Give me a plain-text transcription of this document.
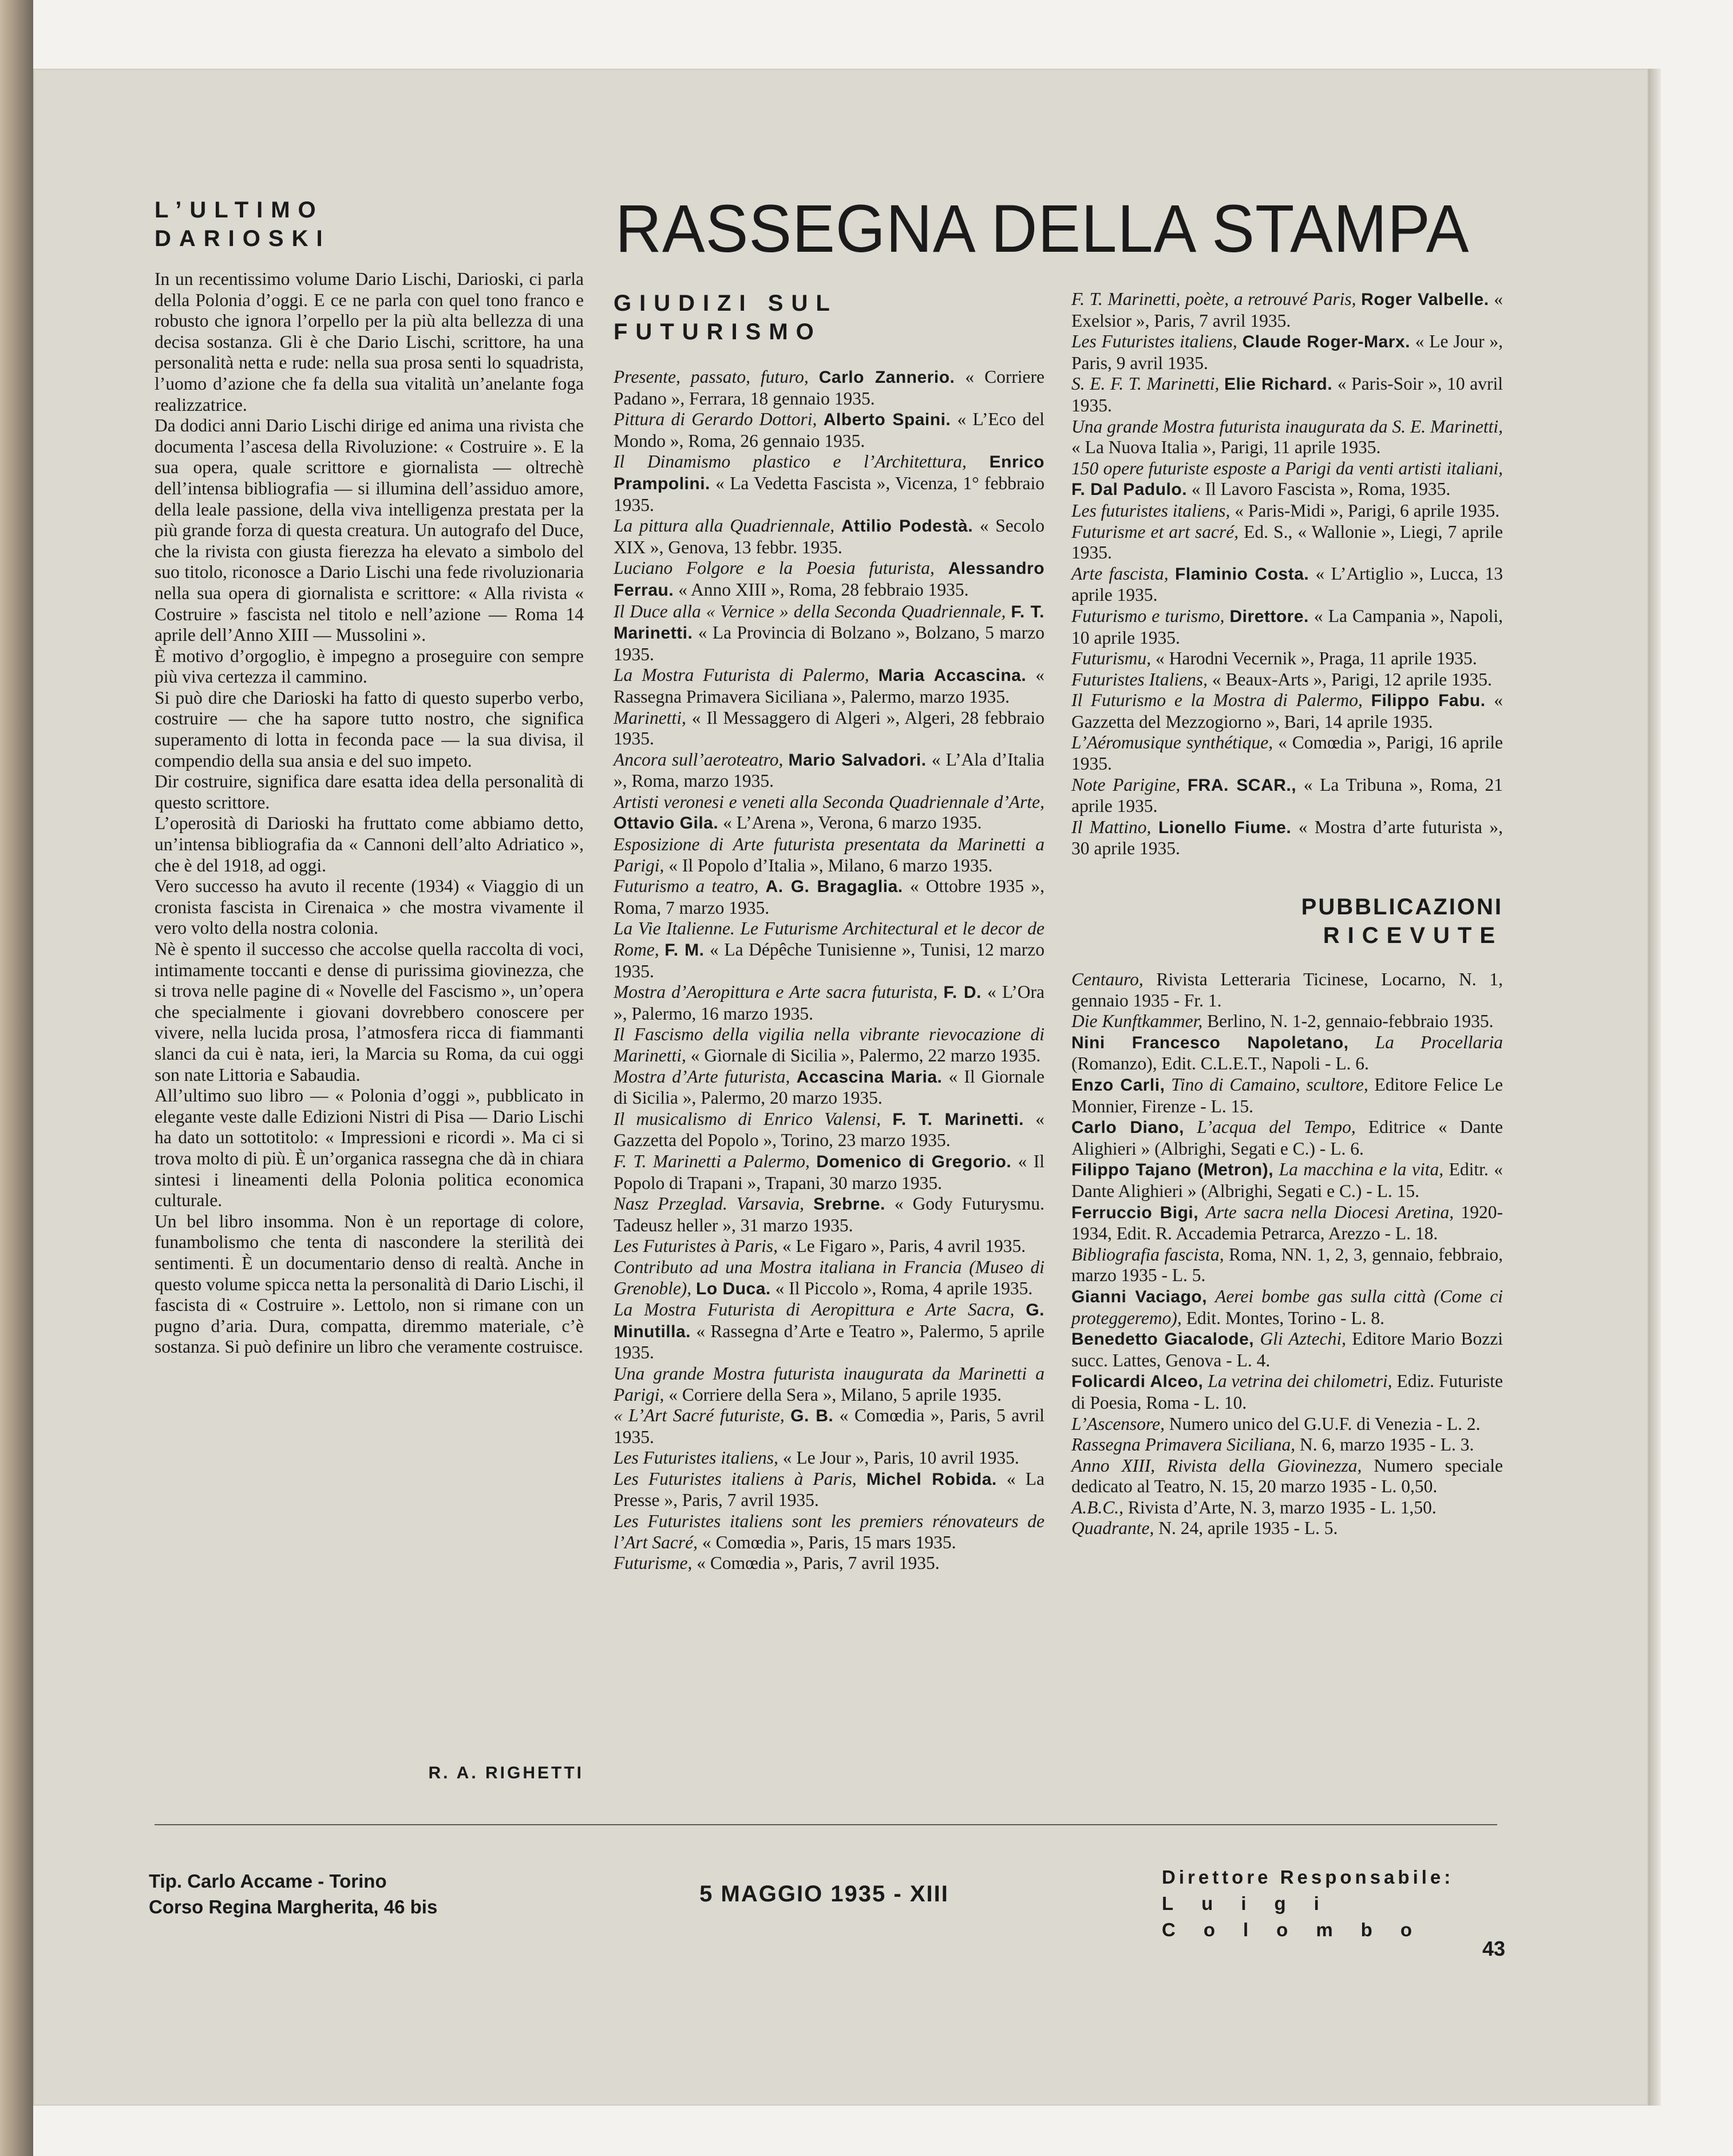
RASSEGNA DELLA STAMPA

L’ULTIMO

DARIOSKI

In un recentissimo volume Dario Lischi, Darioski, ci parla della Polonia d’oggi. E ce ne parla con quel tono franco e robusto che ignora l’orpello per la più alta bellezza di una decisa sostanza. Gli è che Dario Lischi, scrittore, ha una personalità netta e rude: nella sua prosa senti lo squadrista, l’uomo d’azione che fa della sua vitalità un’anelante foga realizzatrice.

Da dodici anni Dario Lischi dirige ed anima una rivista che documenta l’ascesa della Rivoluzione: « Costruire ». E la sua opera, quale scrittore e giornalista — oltrechè dell’intensa bibliografia — si illumina dell’assiduo amore, della leale passione, della viva intelligenza prestata per la più grande forza di questa creatura. Un autografo del Duce, che la rivista con giusta fierezza ha elevato a simbolo del suo titolo, riconosce a Dario Lischi una fede rivoluzionaria nella sua opera di giornalista e scrittore: « Alla rivista « Costruire » fascista nel titolo e nell’azione — Roma 14 aprile dell’Anno XIII — Mussolini ».

È motivo d’orgoglio, è impegno a proseguire con sempre più viva certezza il cammino.

Si può dire che Darioski ha fatto di questo superbo verbo, costruire — che ha sapore tutto nostro, che significa superamento di lotta in feconda pace — la sua divisa, il compendio della sua ansia e del suo impeto.

Dir costruire, significa dare esatta idea della personalità di questo scrittore.

L’operosità di Darioski ha fruttato come abbiamo detto, un’intensa bibliografia da « Cannoni dell’alto Adriatico », che è del 1918, ad oggi.

Vero successo ha avuto il recente (1934) « Viaggio di un cronista fascista in Cirenaica » che mostra vivamente il vero volto della nostra colonia.

Nè è spento il successo che accolse quella raccolta di voci, intimamente toccanti e dense di purissima giovinezza, che si trova nelle pagine di « Novelle del Fascismo », un’opera che specialmente i giovani dovrebbero conoscere per vivere, nella lucida prosa, l’atmosfera ricca di fiammanti slanci da cui è nata, ieri, la Marcia su Roma, da cui oggi son nate Littoria e Sabaudia.

All’ultimo suo libro — « Polonia d’oggi », pubblicato in elegante veste dalle Edizioni Nistri di Pisa — Dario Lischi ha dato un sottotitolo: « Impressioni e ricordi ». Ma ci si trova molto di più. È un’organica rassegna che dà in chiara sintesi i lineamenti della Polonia politica economica culturale.

Un bel libro insomma. Non è un reportage di colore, funambolismo che tenta di nascondere la sterilità dei sentimenti. È un documentario denso di realtà. Anche in questo volume spicca netta la personalità di Dario Lischi, il fascista di « Costruire ». Lettolo, non si rimane con un pugno d’aria. Dura, compatta, diremmo materiale, c’è sostanza. Si può definire un libro che veramente costruisce.

R. A. RIGHETTI

GIUDIZI SUL

FUTURISMO

Presente, passato, futuro, Carlo Zannerio. « Corriere Padano », Ferrara, 18 gennaio 1935.

Pittura di Gerardo Dottori, Alberto Spaini. « L’Eco del Mondo », Roma, 26 gennaio 1935.

Il Dinamismo plastico e l’Architettura, Enrico Prampolini. « La Vedetta Fascista », Vicenza, 1° febbraio 1935.

La pittura alla Quadriennale, Attilio Podestà. « Secolo XIX », Genova, 13 febbr. 1935.

Luciano Folgore e la Poesia futurista, Alessandro Ferrau. « Anno XIII », Roma, 28 febbraio 1935.

Il Duce alla « Vernice » della Seconda Quadriennale, F. T. Marinetti. « La Provincia di Bolzano », Bolzano, 5 marzo 1935.

La Mostra Futurista di Palermo, Maria Accascina. « Rassegna Primavera Siciliana », Palermo, marzo 1935.

Marinetti, « Il Messaggero di Algeri », Algeri, 28 febbraio 1935.

Ancora sull’aeroteatro, Mario Salvadori. « L’Ala d’Italia », Roma, marzo 1935.

Artisti veronesi e veneti alla Seconda Quadriennale d’Arte, Ottavio Gila. « L’Arena », Verona, 6 marzo 1935.

Esposizione di Arte futurista presentata da Marinetti a Parigi, « Il Popolo d’Italia », Milano, 6 marzo 1935.

Futurismo a teatro, A. G. Bragaglia. « Ottobre 1935 », Roma, 7 marzo 1935.

La Vie Italienne. Le Futurisme Architectural et le decor de Rome, F. M. « La Dépêche Tunisienne », Tunisi, 12 marzo 1935.

Mostra d’Aeropittura e Arte sacra futurista, F. D. « L’Ora », Palermo, 16 marzo 1935.

Il Fascismo della vigilia nella vibrante rievocazione di Marinetti, « Giornale di Sicilia », Palermo, 22 marzo 1935.

Mostra d’Arte futurista, Accascina Maria. « Il Giornale di Sicilia », Palermo, 20 marzo 1935.

Il musicalismo di Enrico Valensi, F. T. Marinetti. « Gazzetta del Popolo », Torino, 23 marzo 1935.

F. T. Marinetti a Palermo, Domenico di Gregorio. « Il Popolo di Trapani », Trapani, 30 marzo 1935.

Nasz Przeglad. Varsavia, Srebrne. « Gody Futurysmu. Tadeusz heller », 31 marzo 1935.

Les Futuristes à Paris, « Le Figaro », Paris, 4 avril 1935.

Contributo ad una Mostra italiana in Francia (Museo di Grenoble), Lo Duca. « Il Piccolo », Roma, 4 aprile 1935.

La Mostra Futurista di Aeropittura e Arte Sacra, G. Minutilla. « Rassegna d’Arte e Teatro », Palermo, 5 aprile 1935.

Una grande Mostra futurista inaugurata da Marinetti a Parigi, « Corriere della Sera », Milano, 5 aprile 1935.

« L’Art Sacré futuriste, G. B. « Comœdia », Paris, 5 avril 1935.

Les Futuristes italiens, « Le Jour », Paris, 10 avril 1935.

Les Futuristes italiens à Paris, Michel Robida. « La Presse », Paris, 7 avril 1935.

Les Futuristes italiens sont les premiers rénovateurs de l’Art Sacré, « Comœdia », Paris, 15 mars 1935.

Futurisme, « Comœdia », Paris, 7 avril 1935.

F. T. Marinetti, poète, a retrouvé Paris, Roger Valbelle. « Exelsior », Paris, 7 avril 1935.

Les Futuristes italiens, Claude Roger-Marx. « Le Jour », Paris, 9 avril 1935.

S. E. F. T. Marinetti, Elie Richard. « Paris-Soir », 10 avril 1935.

Una grande Mostra futurista inaugurata da S. E. Marinetti, « La Nuova Italia », Parigi, 11 aprile 1935.

150 opere futuriste esposte a Parigi da venti artisti italiani, F. Dal Padulo. « Il Lavoro Fascista », Roma, 1935.

Les futuristes italiens, « Paris-Midi », Parigi, 6 aprile 1935.

Futurisme et art sacré, Ed. S., « Wallonie », Liegi, 7 aprile 1935.

Arte fascista, Flaminio Costa. « L’Artiglio », Lucca, 13 aprile 1935.

Futurismo e turismo, Direttore. « La Campania », Napoli, 10 aprile 1935.

Futurismu, « Harodni Vecernik », Praga, 11 aprile 1935.

Futuristes Italiens, « Beaux-Arts », Parigi, 12 aprile 1935.

Il Futurismo e la Mostra di Palermo, Filippo Fabu. « Gazzetta del Mezzogiorno », Bari, 14 aprile 1935.

L’Aéromusique synthétique, « Comœdia », Parigi, 16 aprile 1935.

Note Parigine, FRA. SCAR., « La Tribuna », Roma, 21 aprile 1935.

Il Mattino, Lionello Fiume. « Mostra d’arte futurista », 30 aprile 1935.

PUBBLICAZIONI

RICEVUTE

Centauro, Rivista Letteraria Ticinese, Locarno, N. 1, gennaio 1935 - Fr. 1.

Die Kunftkammer, Berlino, N. 1-2, gennaio-febbraio 1935.

Nini Francesco Napoletano, La Procellaria (Romanzo), Edit. C.L.E.T., Napoli - L. 6.

Enzo Carli, Tino di Camaino, scultore, Editore Felice Le Monnier, Firenze - L. 15.

Carlo Diano, L’acqua del Tempo, Editrice « Dante Alighieri » (Albrighi, Segati e C.) - L. 6.

Filippo Tajano (Metron), La macchina e la vita, Editr. « Dante Alighieri » (Albrighi, Segati e C.) - L. 15.

Ferruccio Bigi, Arte sacra nella Diocesi Aretina, 1920-1934, Edit. R. Accademia Petrarca, Arezzo - L. 18.

Bibliografia fascista, Roma, NN. 1, 2, 3, gennaio, febbraio, marzo 1935 - L. 5.

Gianni Vaciago, Aerei bombe gas sulla città (Come ci proteggeremo), Edit. Montes, Torino - L. 8.

Benedetto Giacalode, Gli Aztechi, Editore Mario Bozzi succ. Lattes, Genova - L. 4.

Folicardi Alceo, La vetrina dei chilometri, Ediz. Futuriste di Poesia, Roma - L. 10.

L’Ascensore, Numero unico del G.U.F. di Venezia - L. 2.

Rassegna Primavera Siciliana, N. 6, marzo 1935 - L. 3.

Anno XIII, Rivista della Giovinezza, Numero speciale dedicato al Teatro, N. 15, 20 marzo 1935 - L. 0,50.

A.B.C., Rivista d’Arte, N. 3, marzo 1935 - L. 1,50.

Quadrante, N. 24, aprile 1935 - L. 5.

Tip. Carlo Accame - Torino
Corso Regina Margherita, 46 bis
5 MAGGIO 1935 - XIII
Direttore Responsabile:
Luigi Colombo
43
